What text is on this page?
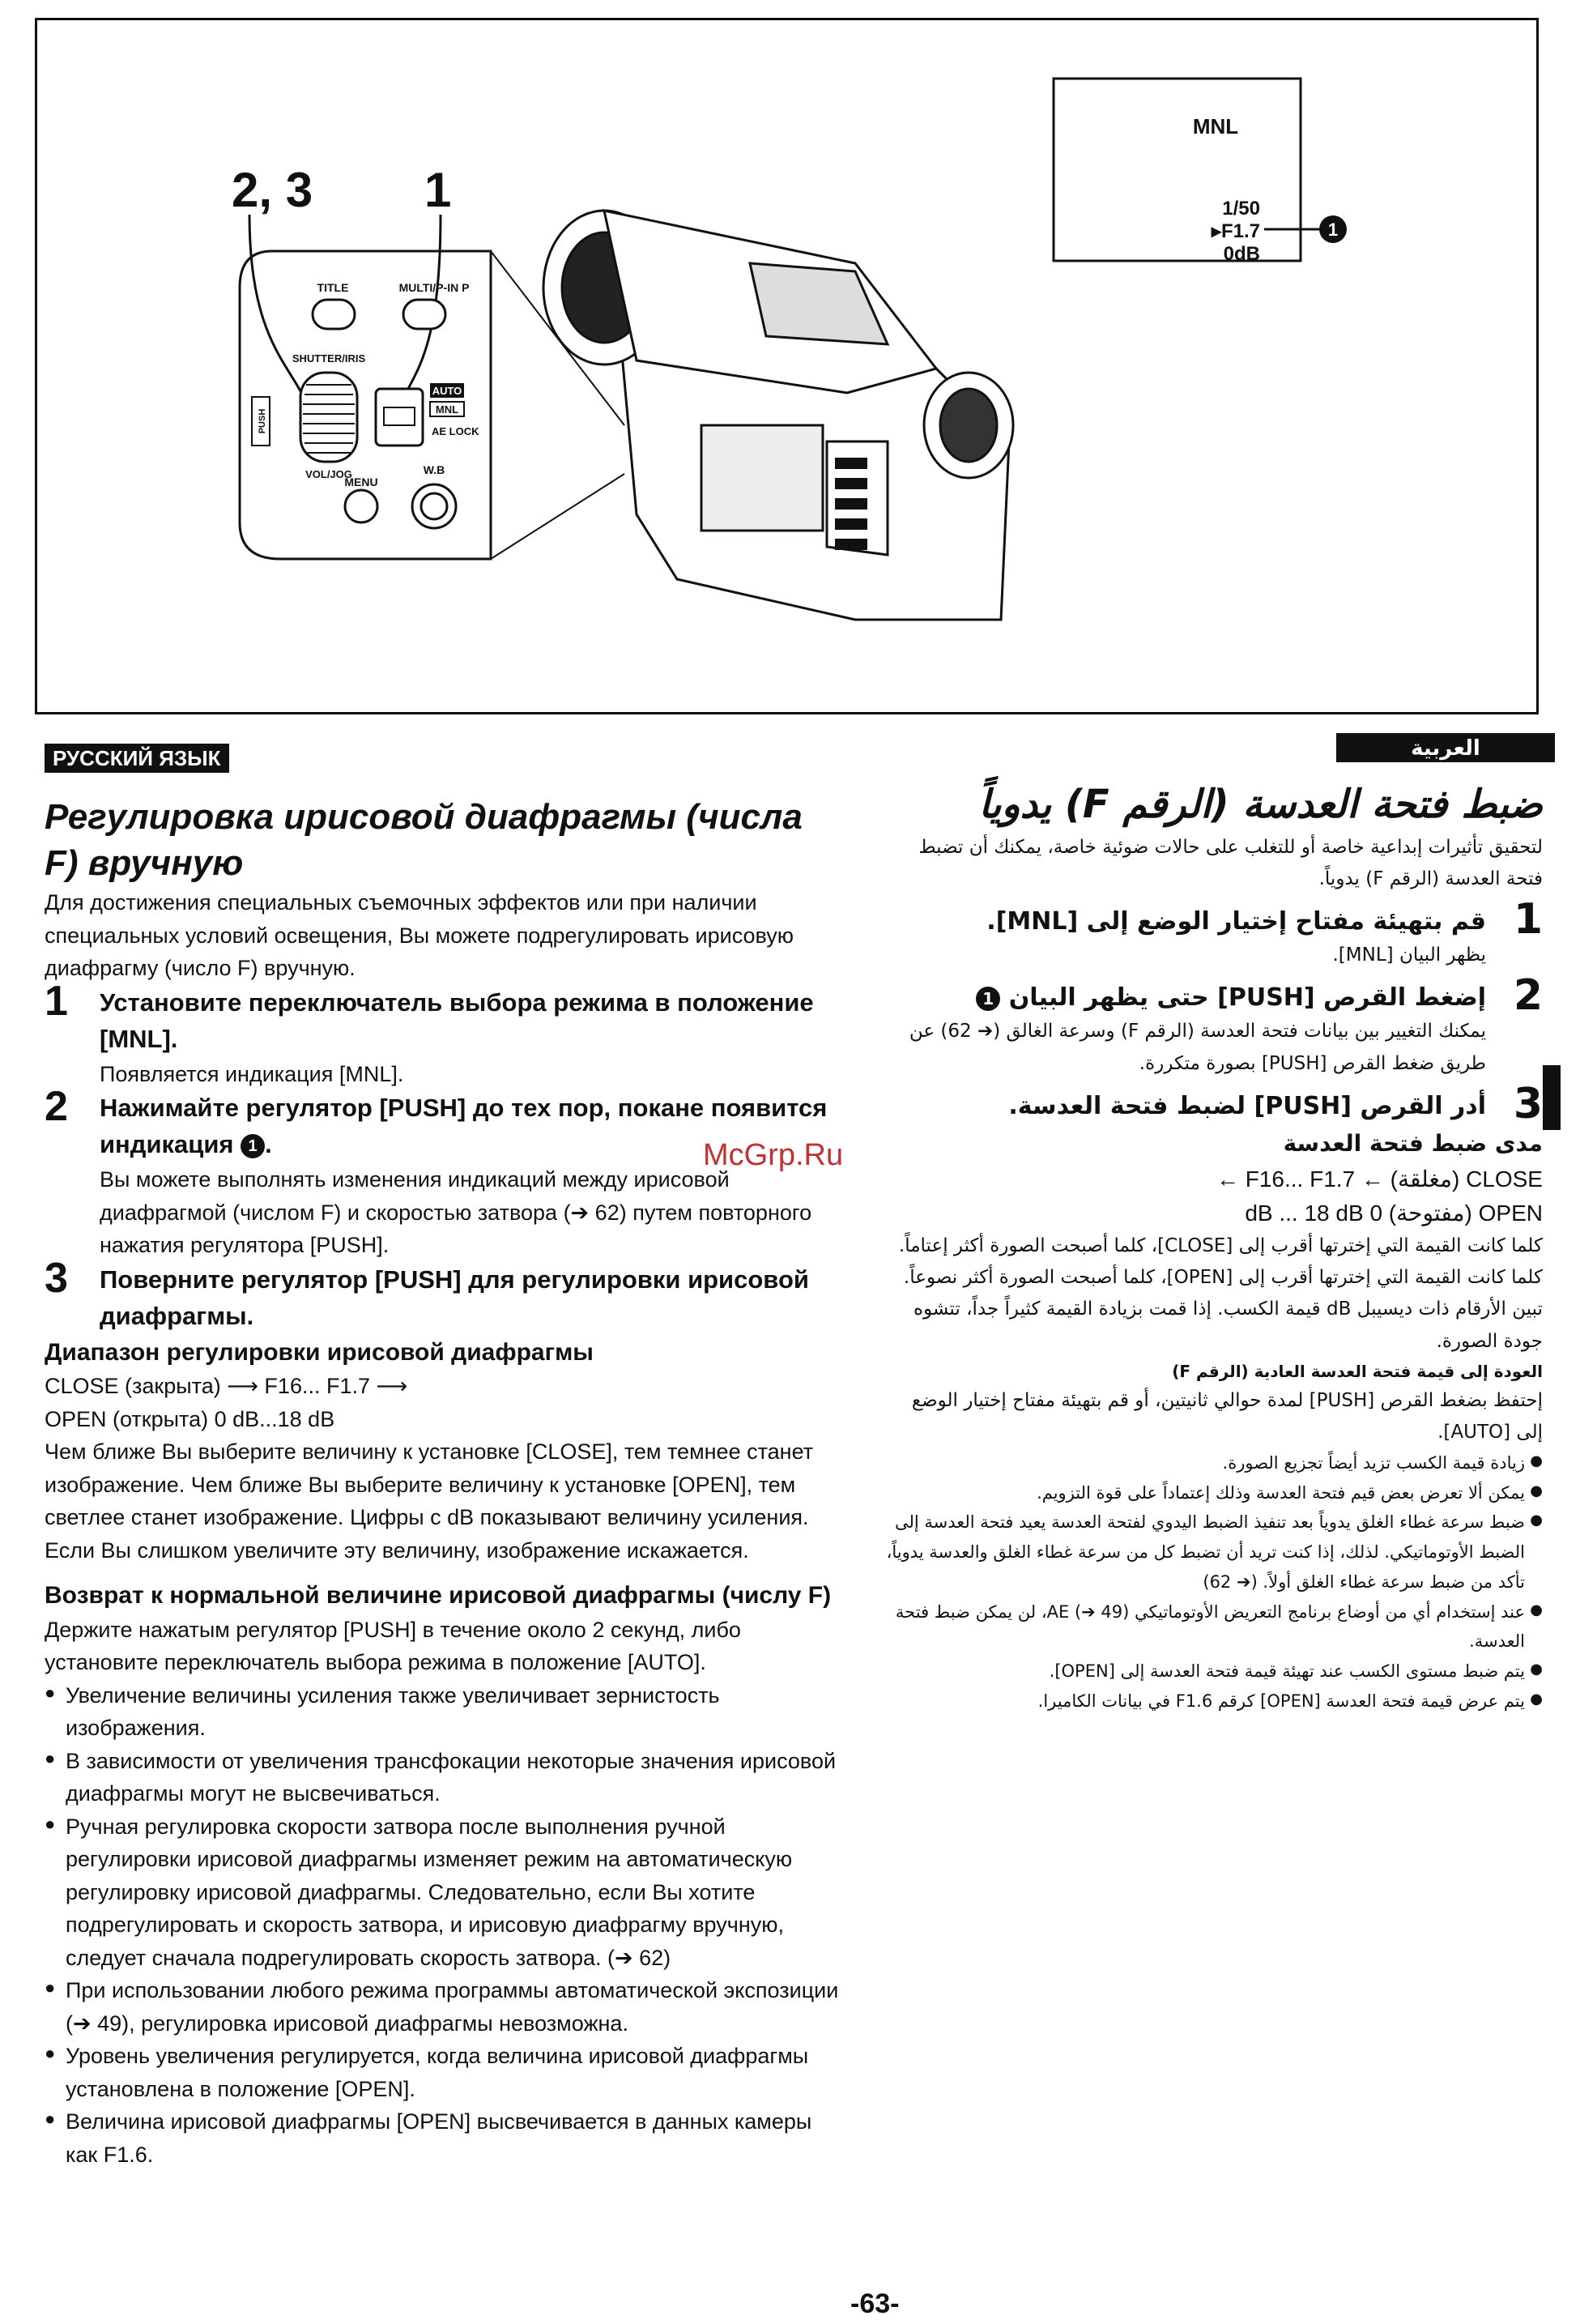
2, 3 1
TITLE	MULTI/P-IN P
SHUTTER/IRIS
PUSH
VOL/JOG
AUTO
MNL
AE LOCK
MENU
W.B
MNL
1/50
▸F1.7
0dB
1
РУССКИЙ ЯЗЫК	العربية

Регулировка ирисовой диафрагмы (числа F) вручную

Для достижения специальных съемочных эффектов или при наличии специальных условий освещения, Вы можете подрегулировать ирисовую диафрагму (число F) вручную.

1 Установите переключатель выбора режима в положение [MNL].

Появляется индикация [MNL].

2 Нажимайте регулятор [PUSH] до тех пор, покане появится индикация 1 .

Вы можете выполнять изменения индикаций между ирисовой диафрагмой (числом F) и скоростью затвора (➔ 62) путем повторного нажатия регулятора [PUSH].

3 Поверните регулятор [PUSH] для регулировки ирисовой диафрагмы.

Диапазон регулировки ирисовой диафрагмы

CLOSE (закрыта) ⟶ F16... F1.7 ⟶

OPEN (открыта) 0 dB...18 dB

Чем ближе Вы выберите величину к установке [CLOSE], тем темнее станет изображение. Чем ближе Вы выберите величину к установке [OPEN], тем светлее станет изображение. Цифры с dB показывают величину усиления. Если Вы слишком увеличите эту величину, изображение искажается.

Возврат к нормальной величине ирисовой диафрагмы (числу F)

Держите нажатым регулятор [PUSH] в течение около 2 секунд, либо установите переключатель выбора режима в положение [AUTO].

● Увеличение величины усиления также увеличивает зернистость изображения.
● В зависимости от увеличения трансфокации некоторые значения ирисовой диафрагмы могут не высвечиваться.
● Ручная регулировка скорости затвора после выполнения ручной регулировки ирисовой диафрагмы изменяет режим на автоматическую регулировку ирисовой диафрагмы. Следовательно, если Вы хотите подрегулировать и скорость затвора, и ирисовую диафрагму вручную, следует сначала подрегулировать скорость затвора. (➔ 62)
● При использовании любого режима программы автоматической экспозиции (➔ 49), регулировка ирисовой диафрагмы невозможна.
● Уровень увеличения регулируется, когда величина ирисовой диафрагмы установлена в положение [OPEN].
● Величина ирисовой диафрагмы [OPEN] высвечивается в данных камеры как F1.6.

ضبط فتحة العدسة (الرقم F) يدوياً

لتحقيق تأثيرات إبداعية خاصة أو للتغلب على حالات ضوئية خاصة، يمكنك أن تضبط فتحة العدسة (الرقم F) يدوياً.

1

قم بتهيئة مفتاح إختيار الوضع إلى [MNL].

يظهر البيان [MNL].

2

إضغط القرص [PUSH] حتى يظهر البيان 1

يمكنك التغيير بين بيانات فتحة العدسة (الرقم F) وسرعة الغالق (➔ 62) عن طريق ضغط القرص [PUSH] بصورة متكررة.

3

أدر القرص [PUSH] لضبط فتحة العدسة.

مدى ضبط فتحة العدسة

CLOSE (مغلقة) ← F16... F1.7 ←

OPEN (مفتوحة) 0 dB ... 18 dB

كلما كانت القيمة التي إخترتها أقرب إلى [CLOSE]، كلما أصبحت الصورة أكثر إعتاماً.

كلما كانت القيمة التي إخترتها أقرب إلى [OPEN]، كلما أصبحت الصورة أكثر نصوعاً. تبين الأرقام ذات ديسيبل dB قيمة الكسب. إذا قمت بزيادة القيمة كثيراً جداً، تتشوه جودة الصورة.

العودة إلى قيمة فتحة العدسة العادية (الرقم F)

إحتفظ بضغط القرص [PUSH] لمدة حوالي ثانيتين، أو قم بتهيئة مفتاح إختيار الوضع إلى [AUTO].

● زيادة قيمة الكسب تزيد أيضاً تجزيع الصورة.
● يمكن ألا تعرض بعض قيم فتحة العدسة وذلك إعتماداً على قوة التزويم.
● ضبط سرعة غطاء الغلق يدوياً بعد تنفيذ الضبط اليدوي لفتحة العدسة يعيد فتحة العدسة إلى الضبط الأوتوماتيكي. لذلك، إذا كنت تريد أن تضبط كل من سرعة غطاء الغلق والعدسة يدوياً، تأكد من ضبط سرعة غطاء الغلق أولاً. (➔ 62)
● عند إستخدام أي من أوضاع برنامج التعريض الأوتوماتيكي AE (➔ 49)، لن يمكن ضبط فتحة العدسة.
● يتم ضبط مستوى الكسب عند تهيئة قيمة فتحة العدسة إلى [OPEN].
● يتم عرض قيمة فتحة العدسة [OPEN] كرقم F1.6 في بيانات الكاميرا.
McGrp.Ru
-63-
